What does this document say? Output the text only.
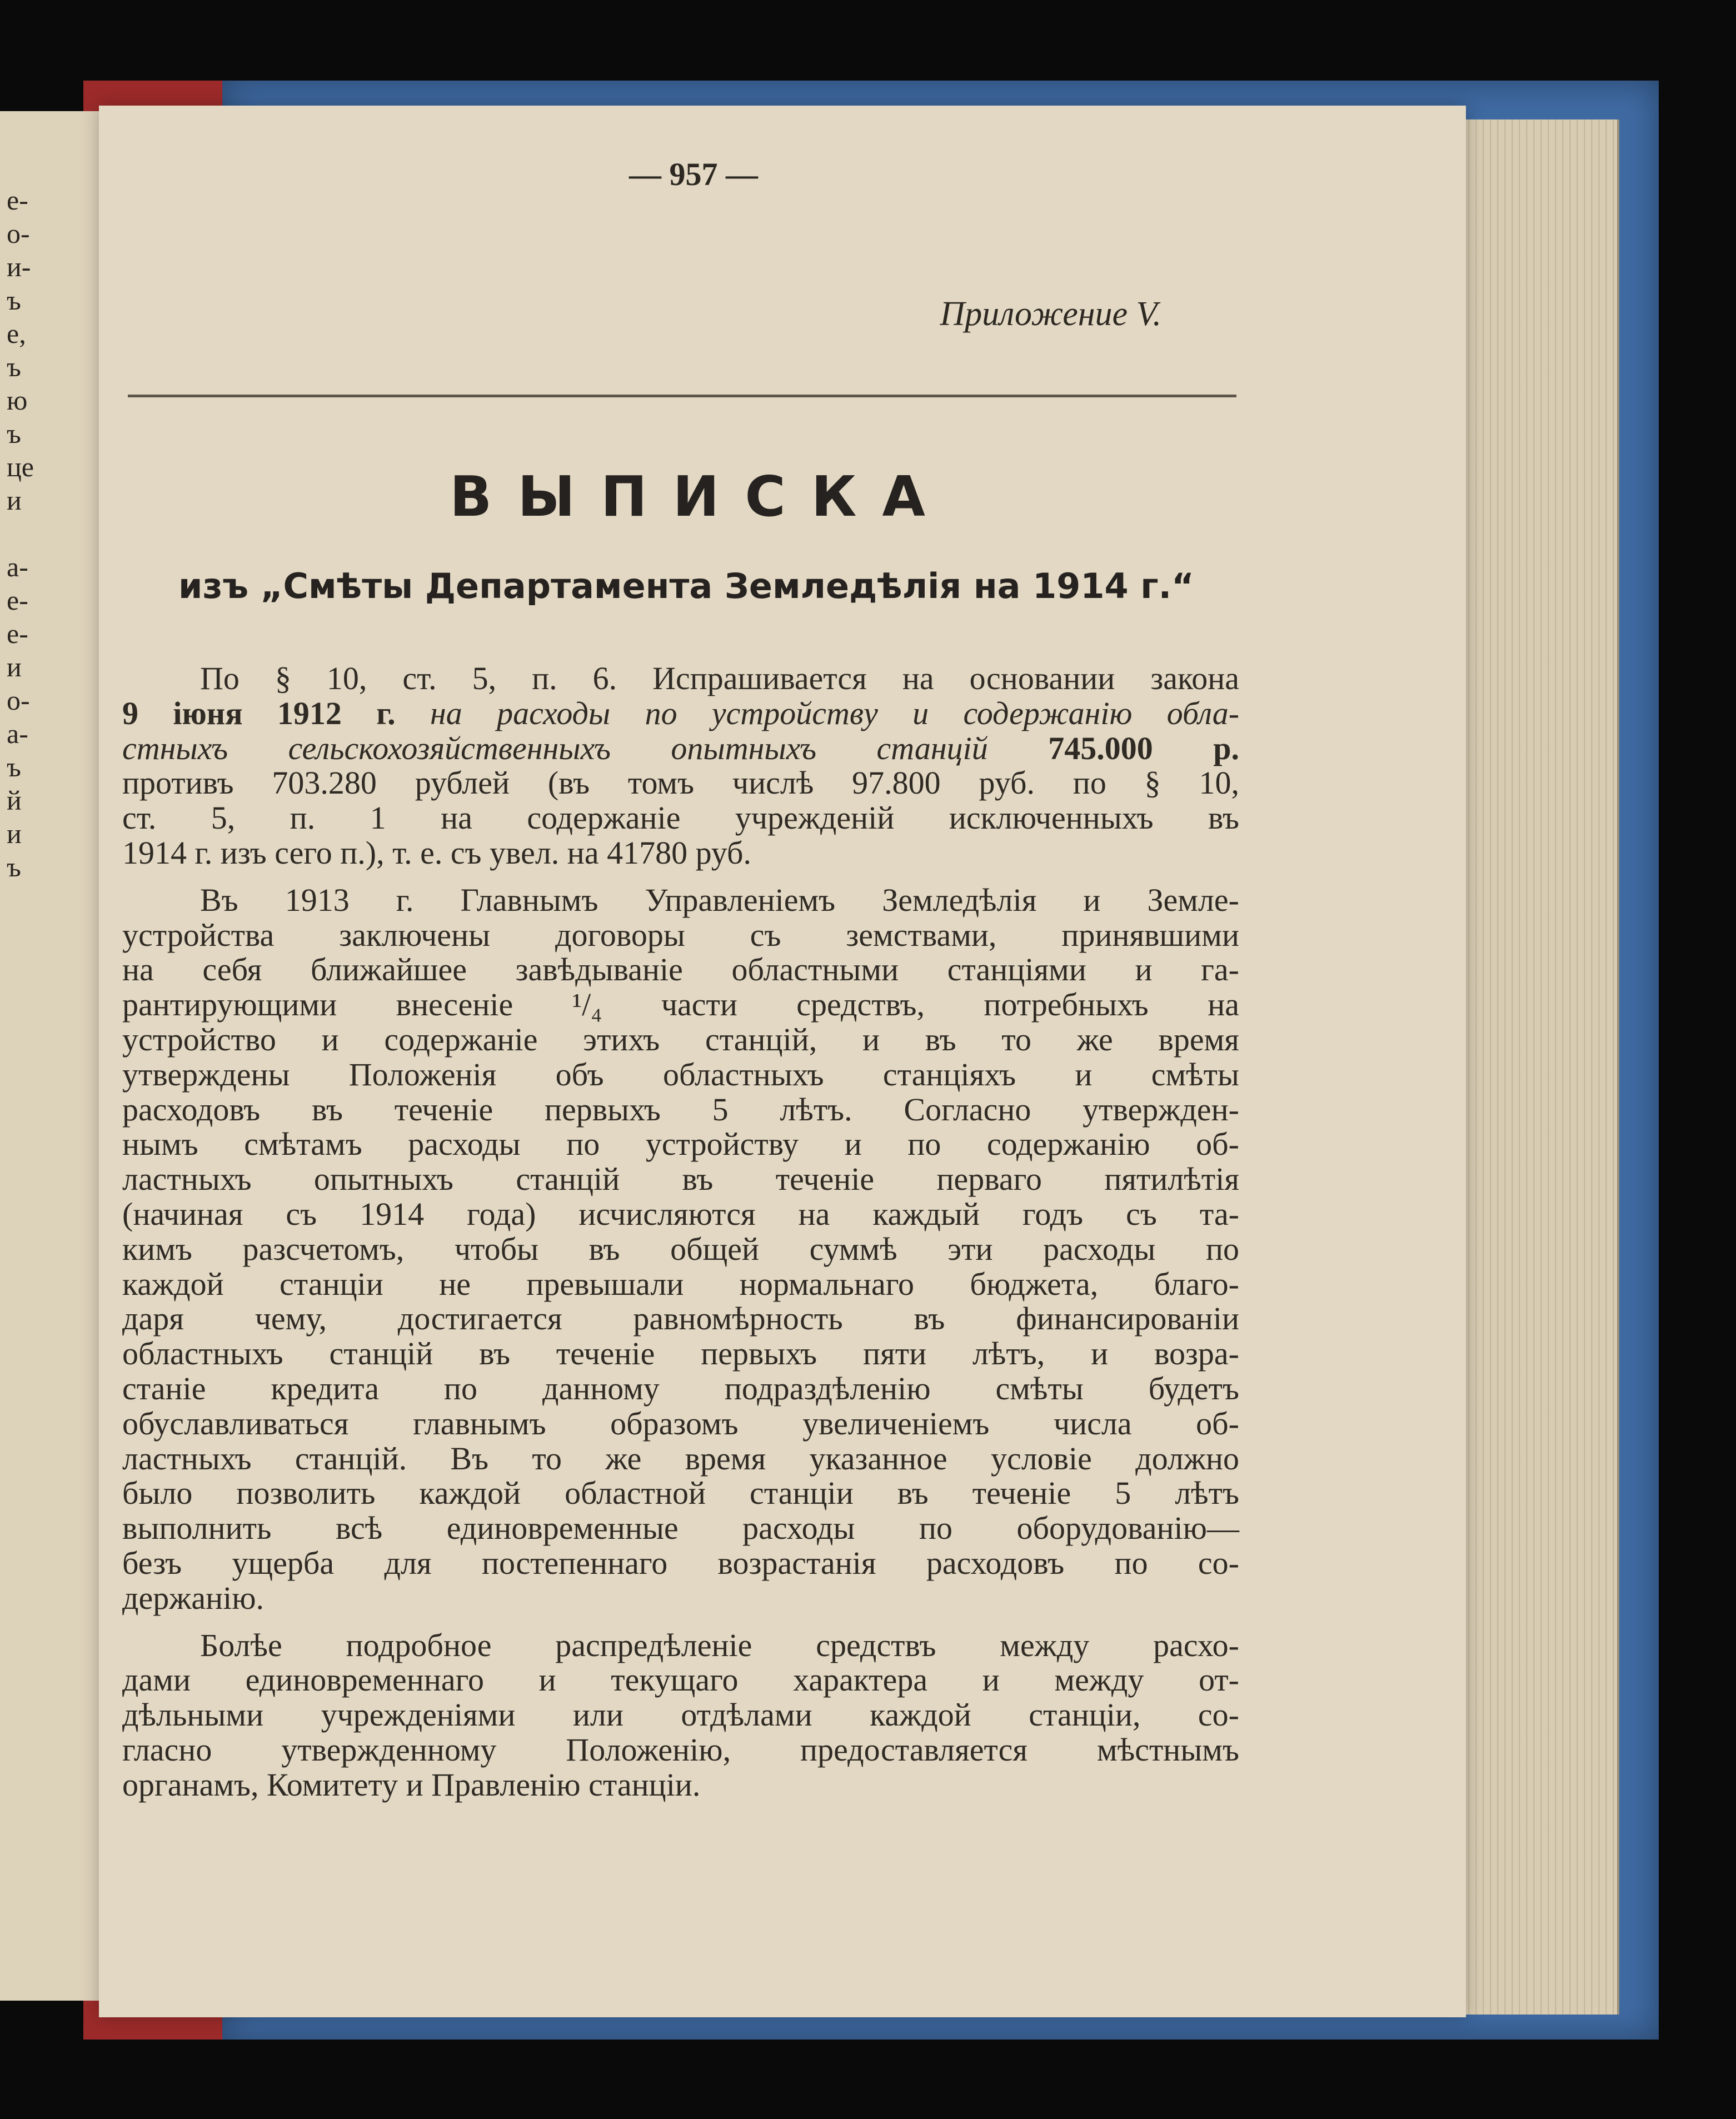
е-
о-
и-
ъ
е,
ъ
ю
ъ
це
и
а-
е-
е-
и
о-
а-
ъ
й
и
ъ
— 957 —
Приложение V.
ВЫПИСКА
изъ „Смѣты Департамента Земледѣлія на 1914 г.“
По § 10, ст. 5, п. 6. Испрашивается на основании закона
9 іюня 1912 г. на расходы по устройству и содержанію обла-
стныхъ сельскохозяйственныхъ опытныхъ станцій 745.000 р.
противъ 703.280 рублей (въ томъ числѣ 97.800 руб. по § 10,
ст. 5, п. 1 на содержаніе учрежденій исключенныхъ въ
1914 г. изъ сего п.), т. е. съ увел. на 41780 руб.
Въ 1913 г. Главнымъ Управленіемъ Земледѣлія и Земле-
устройства заключены договоры съ земствами, принявшими
на себя ближайшее завѣдываніе областными станціями и га-
рантирующими внесеніе ¹/₄ части средствъ, потребныхъ на
устройство и содержаніе этихъ станцій, и въ то же время
утверждены Положенія объ областныхъ станціяхъ и смѣты
расходовъ въ теченіе первыхъ 5 лѣтъ. Согласно утвержден-
нымъ смѣтамъ расходы по устройству и по содержанію об-
ластныхъ опытныхъ станцій въ теченіе перваго пятилѣтія
(начиная съ 1914 года) исчисляются на каждый годъ съ та-
кимъ разсчетомъ, чтобы въ общей суммѣ эти расходы по
каждой станціи не превышали нормальнаго бюджета, благо-
даря чему, достигается равномѣрность въ финансированіи
областныхъ станцій въ теченіе первыхъ пяти лѣтъ, и возра-
станіе кредита по данному подраздѣленію смѣты будетъ
обуславливаться главнымъ образомъ увеличеніемъ числа об-
ластныхъ станцій. Въ то же время указанное условіе должно
было позволить каждой областной станціи въ теченіе 5 лѣтъ
выполнить всѣ единовременные расходы по оборудованію—
безъ ущерба для постепеннаго возрастанія расходовъ по со-
держанію.
Болѣе подробное распредѣленіе средствъ между расхо-
дами единовременнаго и текущаго характера и между от-
дѣльными учрежденіями или отдѣлами каждой станціи, со-
гласно утвержденному Положенію, предоставляется мѣстнымъ
органамъ, Комитету и Правленію станціи.
